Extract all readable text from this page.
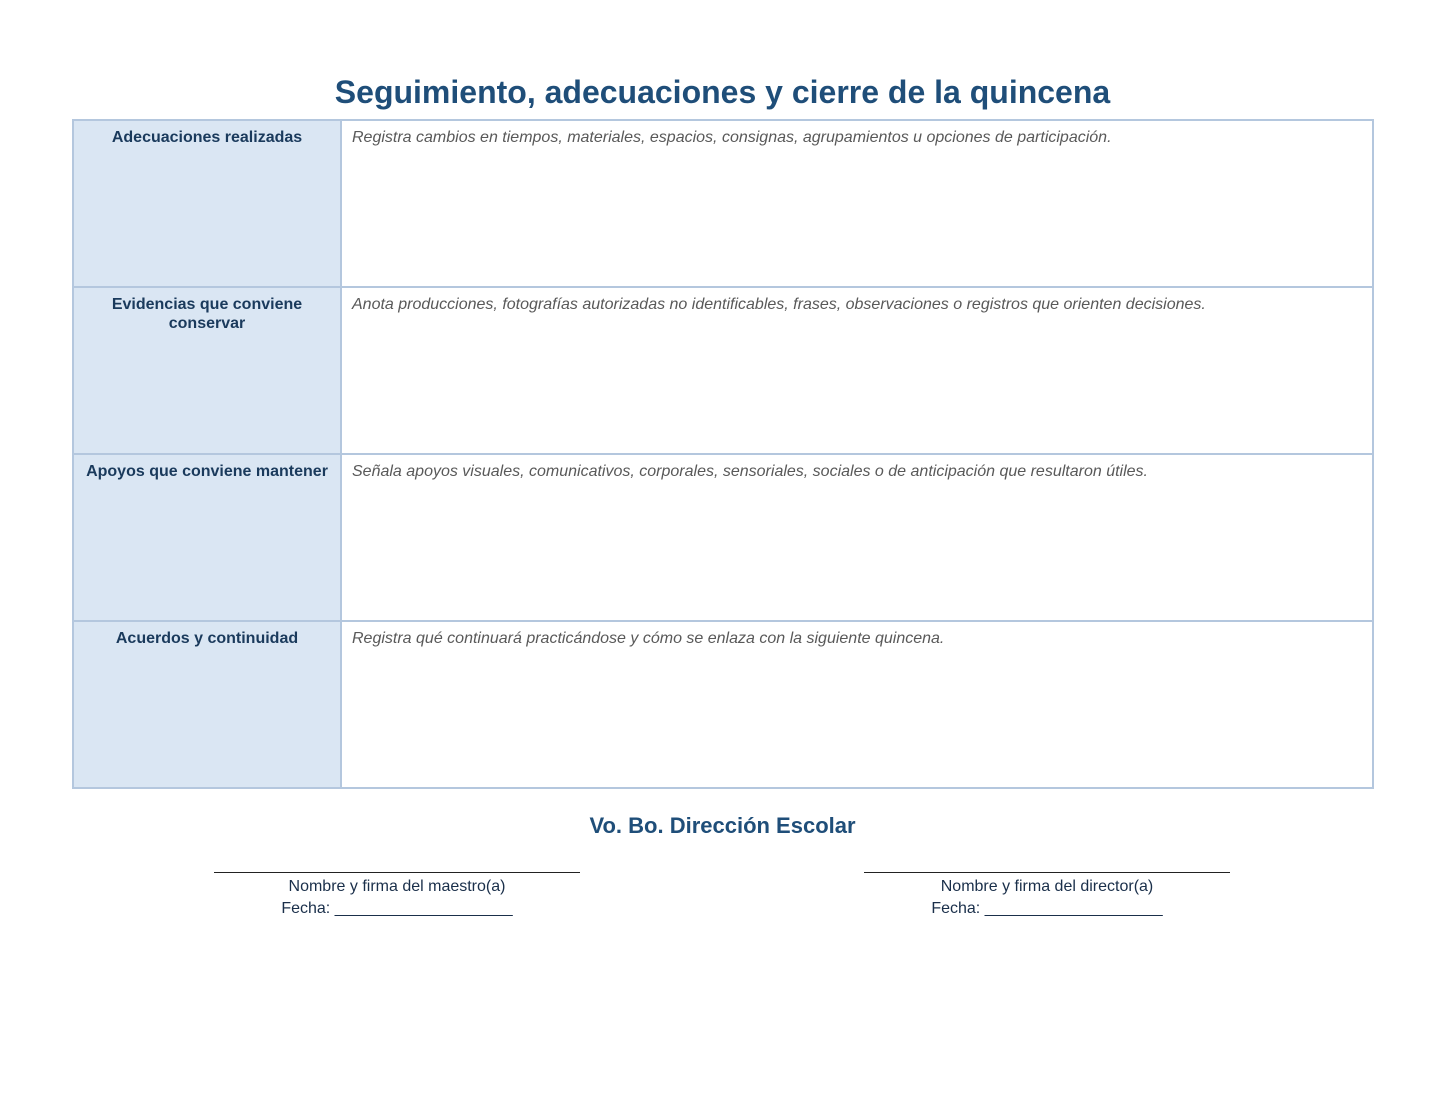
Seguimiento, adecuaciones y cierre de la quincena
Adecuaciones realizadas	Registra cambios en tiempos, materiales, espacios, consignas, agrupamientos u opciones de participación.

Evidencias que conviene conservar	Anota producciones, fotografías autorizadas no identificables, frases, observaciones o registros que orienten decisiones.

Apoyos que conviene mantener	Señala apoyos visuales, comunicativos, corporales, sensoriales, sociales o de anticipación que resultaron útiles.

Acuerdos y continuidad	Registra qué continuará practicándose y cómo se enlaza con la siguiente quincena.
Vo. Bo. Dirección Escolar
Nombre y firma del maestro(a)
Fecha: ____________________
Nombre y firma del director(a)
Fecha: ____________________
